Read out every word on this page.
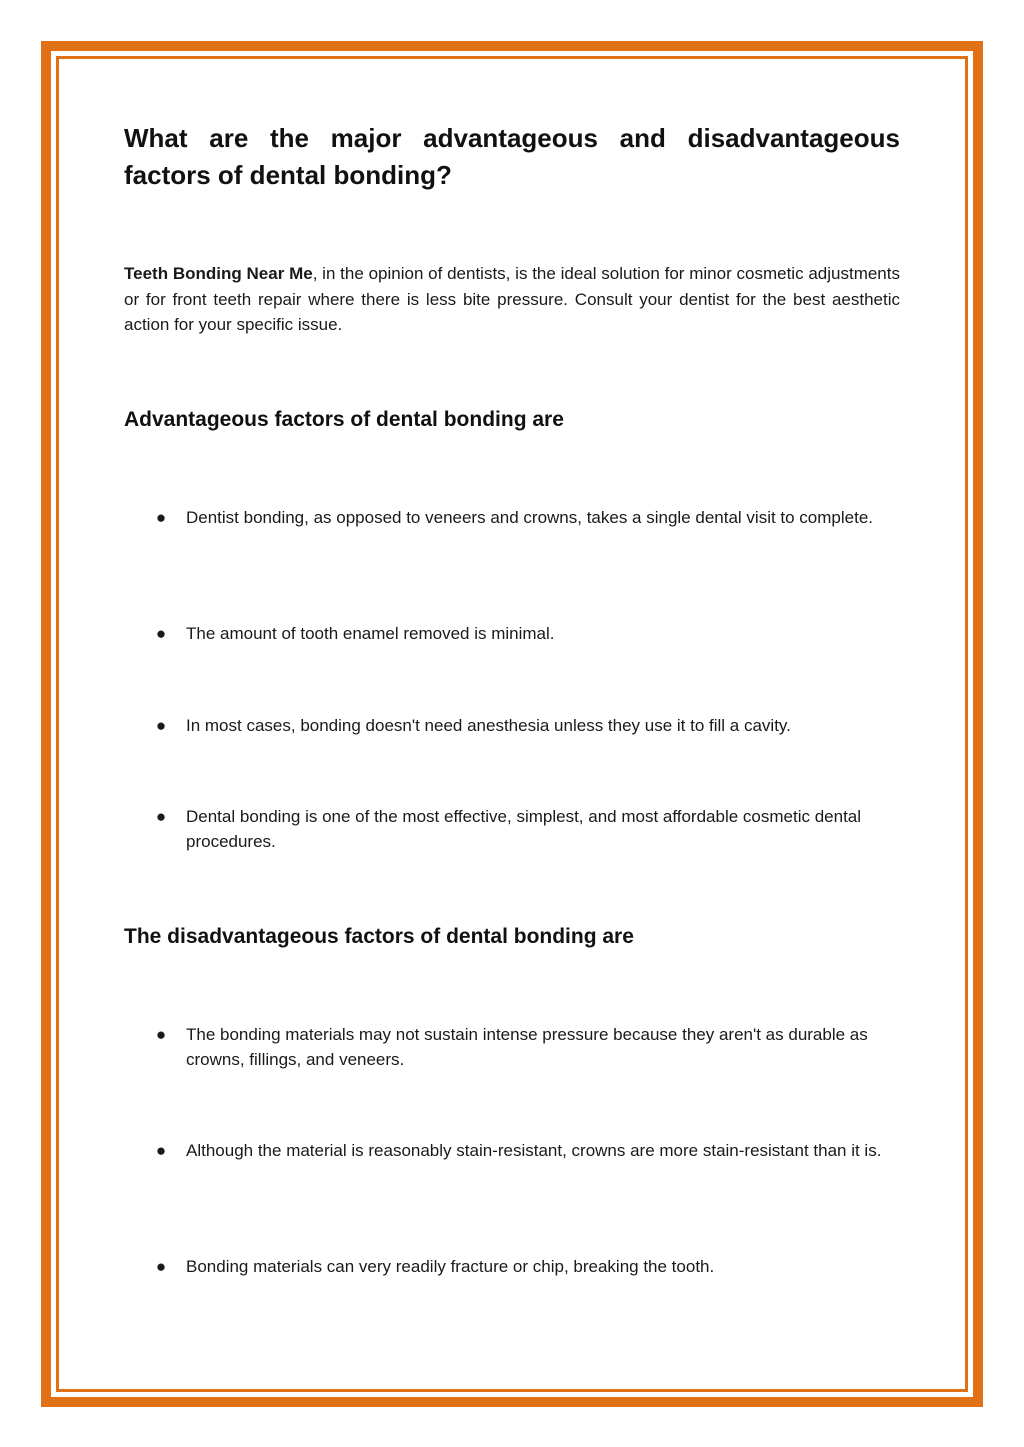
What are the major advantageous and disadvantageous factors of dental bonding?

Teeth Bonding Near Me, in the opinion of dentists, is the ideal solution for minor cosmetic adjustments or for front teeth repair where there is less bite pressure. Consult your dentist for the best aesthetic action for your specific issue.

Advantageous factors of dental bonding are
● Dentist bonding, as opposed to veneers and crowns, takes a single dental visit to complete.
● The amount of tooth enamel removed is minimal.
● In most cases, bonding doesn't need anesthesia unless they use it to fill a cavity.
● Dental bonding is one of the most effective, simplest, and most affordable cosmetic dental procedures.
The disadvantageous factors of dental bonding are
● The bonding materials may not sustain intense pressure because they aren't as durable as crowns, fillings, and veneers.
● Although the material is reasonably stain-resistant, crowns are more stain-resistant than it is.
● Bonding materials can very readily fracture or chip, breaking the tooth.
